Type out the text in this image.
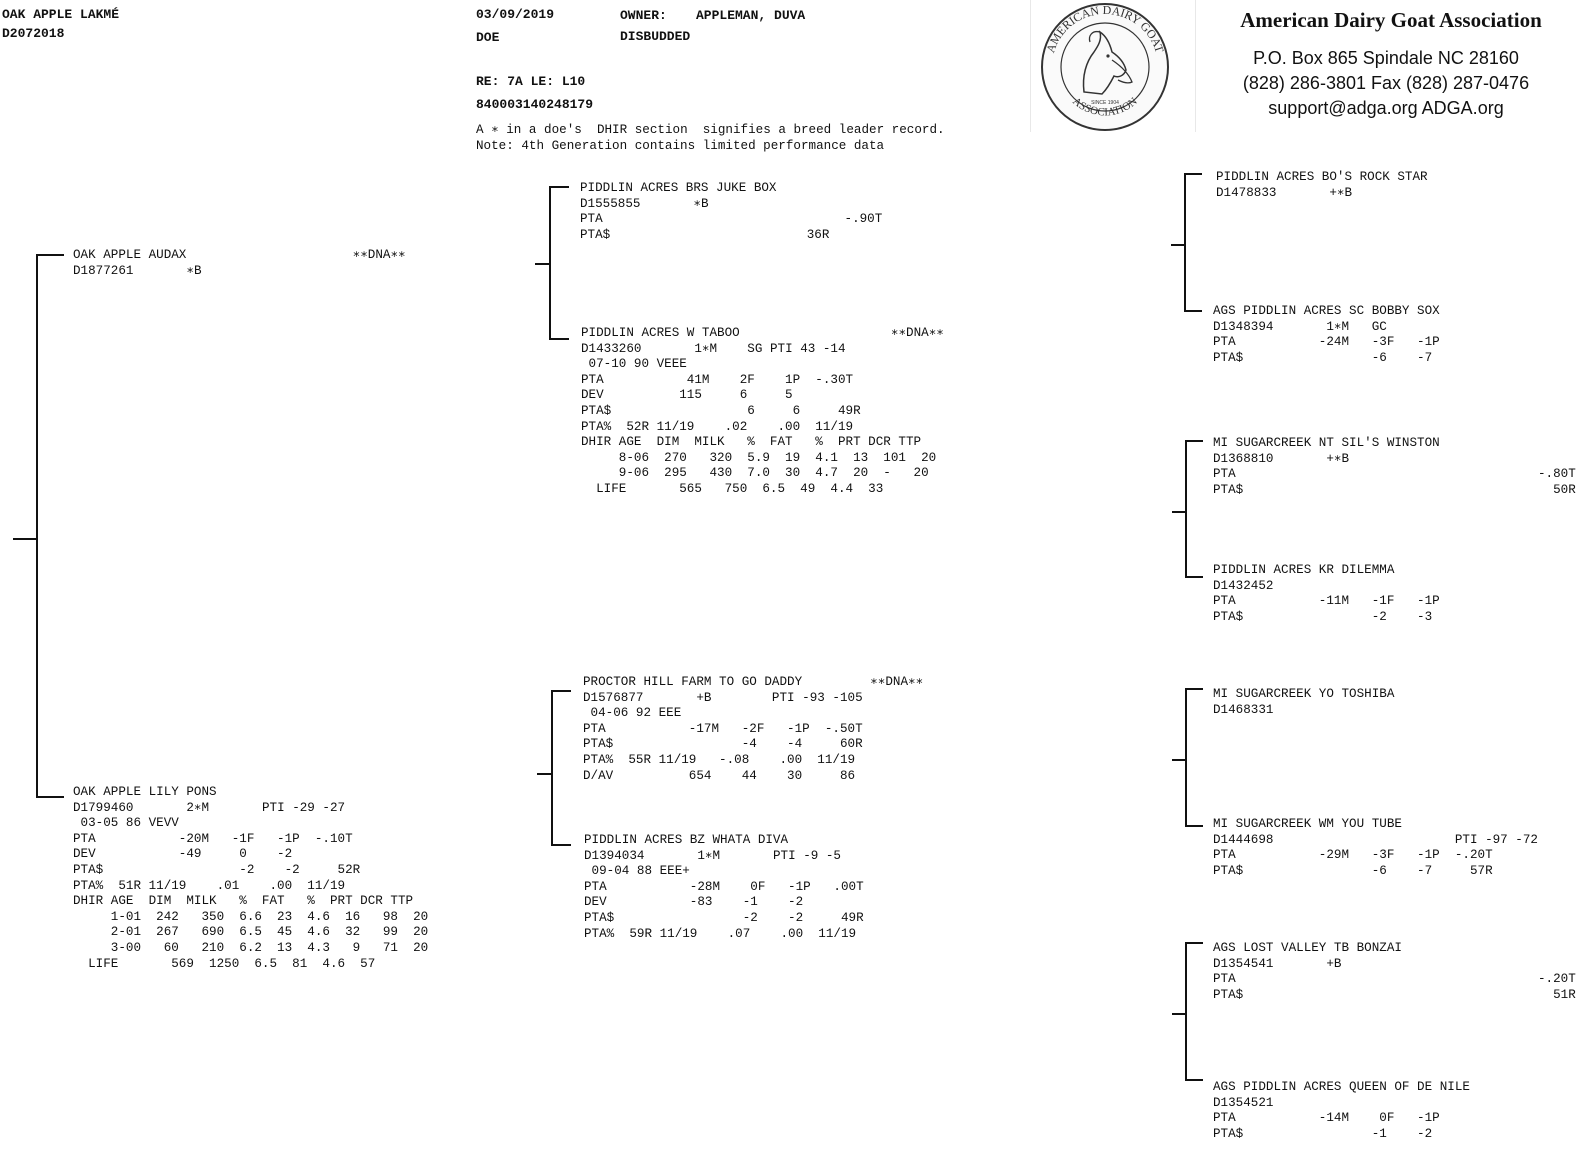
OAK APPLE LAKMÉ
D2072018
03/09/2019
DOE
OWNER: APPLEMAN, DUVA
DISBUDDED
RE: 7A LE: L10
840003140248179
A ∗ in a doe's  DHIR section  signifies a breed leader record.
Note: 4th Generation contains limited performance data
AMERICAN DAIRY GOAT
ASSOCIATION
SINCE 1904
American Dairy Goat Association
P.O. Box 865 Spindale NC 28160
(828) 286-3801 Fax (828) 287-0476
support@adga.org ADGA.org
OAK APPLE AUDAX                      ∗∗DNA∗∗
D1877261       ∗B
OAK APPLE LILY PONS
D1799460       2∗M       PTI -29 -27
03-05 86 VEVV
PTA           -20M   -1F   -1P  -.10T
DEV           -49     0    -2
PTA$                  -2    -2     52R
PTA%  51R 11/19    .01    .00  11/19
DHIR AGE  DIM  MILK   %  FAT   %  PRT DCR TTP
1-01  242   350  6.6  23  4.6  16   98  20
2-01  267   690  6.5  45  4.6  32   99  20
3-00   60   210  6.2  13  4.3   9   71  20
LIFE       569  1250  6.5  81  4.6  57
PIDDLIN ACRES BRS JUKE BOX
D1555855       ∗B
PTA                                -.90T
PTA$                          36R
PIDDLIN ACRES W TABOO                    ∗∗DNA∗∗
D1433260       1∗M    SG PTI 43 -14
07-10 90 VEEE
PTA           41M    2F    1P  -.30T
DEV          115     6     5
PTA$                  6     6     49R
PTA%  52R 11/19    .02    .00  11/19
DHIR AGE  DIM  MILK   %  FAT   %  PRT DCR TTP
8-06  270   320  5.9  19  4.1  13  101  20
9-06  295   430  7.0  30  4.7  20  -   20
LIFE       565   750  6.5  49  4.4  33
PROCTOR HILL FARM TO GO DADDY         ∗∗DNA∗∗
D1576877       +B        PTI -93 -105
04-06 92 EEE
PTA           -17M   -2F   -1P  -.50T
PTA$                 -4    -4     60R
PTA%  55R 11/19   -.08    .00  11/19
D/AV          654    44    30     86
PIDDLIN ACRES BZ WHATA DIVA
D1394034       1∗M       PTI -9 -5
09-04 88 EEE+
PTA           -28M    0F   -1P   .00T
DEV           -83    -1    -2
PTA$                 -2    -2     49R
PTA%  59R 11/19    .07    .00  11/19
PIDDLIN ACRES BO'S ROCK STAR
D1478833       +∗B
AGS PIDDLIN ACRES SC BOBBY SOX
D1348394       1∗M   GC
PTA           -24M   -3F   -1P
PTA$                 -6    -7
MI SUGARCREEK NT SIL'S WINSTON
D1368810       +∗B
PTA                                        -.80T
PTA$                                         50R
PIDDLIN ACRES KR DILEMMA
D1432452
PTA           -11M   -1F   -1P
PTA$                 -2    -3
MI SUGARCREEK YO TOSHIBA
D1468331
MI SUGARCREEK WM YOU TUBE
D1444698                        PTI -97 -72
PTA           -29M   -3F   -1P  -.20T
PTA$                 -6    -7     57R
AGS LOST VALLEY TB BONZAI
D1354541       +B
PTA                                        -.20T
PTA$                                         51R
AGS PIDDLIN ACRES QUEEN OF DE NILE
D1354521
PTA           -14M    0F   -1P
PTA$                 -1    -2
